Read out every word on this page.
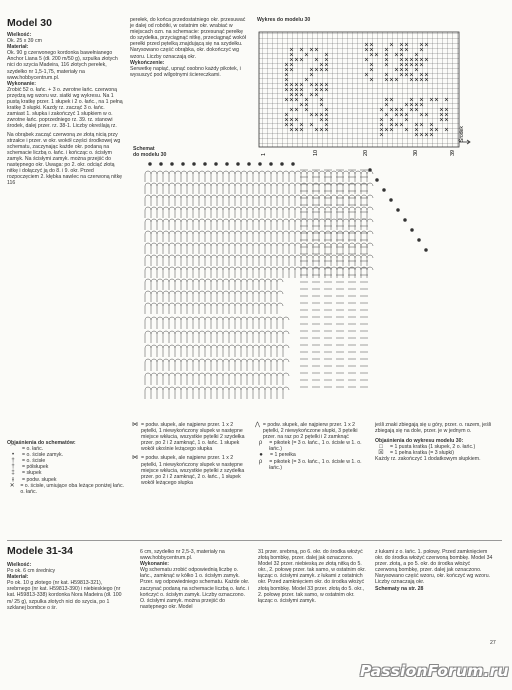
Model 30

Wielkość:

Ok. 25 x 39 cm

Materiał:

Ok. 90 g czerwonego kordonka bawełnianego Anchor Liana 5 (dł. 200 m/50 g), szpulka złotych nici do szycia Madeira, 116 złotych perełek, szydełko nr 1,5-1,75, materiały na www.hobbycentrum.pl.

Wykonanie:

Zrobić 52 o. łańc. + 3 o. zwrotne łańc. czerwoną przędzą wg wzoru wz. siatki wg wykresu. Na 1 pustą kratkę przer. 1 słupek i 2 o. łańc., na 1 pełną kratkę 3 słupki. Kazdy rz. zacząć 3 o. łańc. zamiast 1. słupka i zakończyć 1 słupkiem w o. zwrotne łańc. poprzedniego rz. 39. rz. stanowi środek, dalej przer. rz. 38-1. Liczby określają rz.

Na obrąbek zacząć czerwoną ze złotą nicią przy strzałce i przer. w okr. wokół części środkowej wg schematu, zaczynając każde okr. podaną na schemacie liczbą o. łańc. i kończąc o. ścisłym zamyk. Na ścisłymi zamyk. można przejść do następnego okr. Uwaga: po 2. okr. odciąć złotą nitkę i dołączyć ją do 8. i 9. okr. Przed rozpoczęciem 2. kłębka nawlec na czerwoną nitkę 116

perełek, do końca przedostatniego okr. przesuwać je dalej od robótki, w ostatnim okr. wrabiać w miejscach ozn. na schemacie: przesunąć perełkę do szydełka, przyciągnąć nitkę, przeciągnąć wokół perełki przed pętelką znajdującą się na szydełku. Narysowano część obrąbka, okr. dokończyć wg wzoru. Liczby oznaczają okr.

Wykończenie:

Serwetkę napiąć, upnąć osobno każdy pikotek, i wysuszyć pod wilgotnymi ściereczkami.

Wykres do modelu 30
Środek
10	20	30	39
1
Schemat
do modelu 30

Objaśnienia do schematów:

⌒	= o. łańc.
•	= o. ścisłe zamyk.
†	= o. ścisłe
†	= półsłupek
‡	= słupek
⫲	= podw. słupek
✕	= o. ścisłe, umiujące oba leżące poniżej łańc. o. łańc.
⋈ = podw. słupek, ale najpierw przer. 1 x 2 pętelki, 1 niewykończony słupek w następne miejsce wkłucia, wszystkie pętelki 2 szydełka przer. po 2 i 2 zamknąć, 1 o. łańc. 1 słupek wokół ukośnie leżącego słupka
⋈ = podw. słupek, ale najpierw przer. 1 x 2 pętelki, 1 niewykończony słupek w następne miejsce wkłucia, wszystkie pętelki z szydełka przer. po 2 i 2 zamknąć, 2 o. łańc., 1 słupek wokół leżącego słupka
⋀ = podw. słupek, ale najpierw przer. 1 x 2 pętelki, 2 niewykończone słupki, 3 pętelki przer. na raz po 2 pętelki i 2 zamknąć
ρ	= pikotek (= 3 o. łańc., 1 o. ścisłe w 1. o. łańc.)
●	= 1 perełka
ρ	= pikotek (= 3 o. łańc., 1 o. ścisłe w 1. o. łańc.)

jeśli znaki zbiegają się u góry, przer. o. razem, jeśli zbiegają się na dole, przer. je w jednym o.

Objaśnienia do wykresu modelu 30:

□	= 1 pusta kratka (1 słupek, 2 o. łańc.)
☒	= 1 pełna kratka (= 3 słupki)

Każdy rz. zakończyć 1 dodatkowym słupkiem.

Modele 31-34

Wielkość:

Po ok. 6 cm średnicy

Materiał:

Po ok. 10 g złotego (nr kat. H59813-321), srebrnego (nr kat. H59813-390) i niebieskiego (nr kat. H59813-338) kordonka Nora Madeira (dł. 100 m/ 25 g), szpulka złotych nici do szycia, po 1 szklanej bombce o śr.

6 cm, szydełko nr 2,5-3, materiały na www.hobbycentrum.pl.

Wykonanie:

Wg schematu zrobić odpowiednią liczbę o. łańc., zamknąć w kółko 1 o. ścisłym zamyk. Przer. wg odpowiedniego schematu. Każde okr. zaczynać podaną na schemacie liczbą o. łańc. i kończyć o. ścisłym zamyk. Liczby oznaczono. O. ścisłymi zamyk. można przejść do następnego okr. Model

31 przer. srebrną, po 6. okr. do środka włożyć złotą bombkę, przer. dalej jak oznaczono. Model 32 przer. niebieską ze złotą nitką do 5. okr., 2. połowę przer. tak samo, w ostatnim okr. łącząc o. ścisłymi zamyk. z łukami z ostatnich okr. Przed zamknięciem okr. do środka włożyć złotą bombkę. Model 33 przer. złotą do 5. okr., 2. połowę przer. tak samo, w ostatnim okr. łącząc o. ścisłymi zamyk.

z łukami z o. łańc. 1. połowy. Przed zamknięciem okr. do środka włożyć czerwoną bombkę. Model 34 przer. złotą, a po 5. okr. do środka włożyć czerwoną bombkę, przer. dalej jak oznaczono. Narysowano część wzoru, okr. kończyć wg wzoru. Liczby oznaczają okr.

Schematy na str. 28

27
PassionForum.ru
